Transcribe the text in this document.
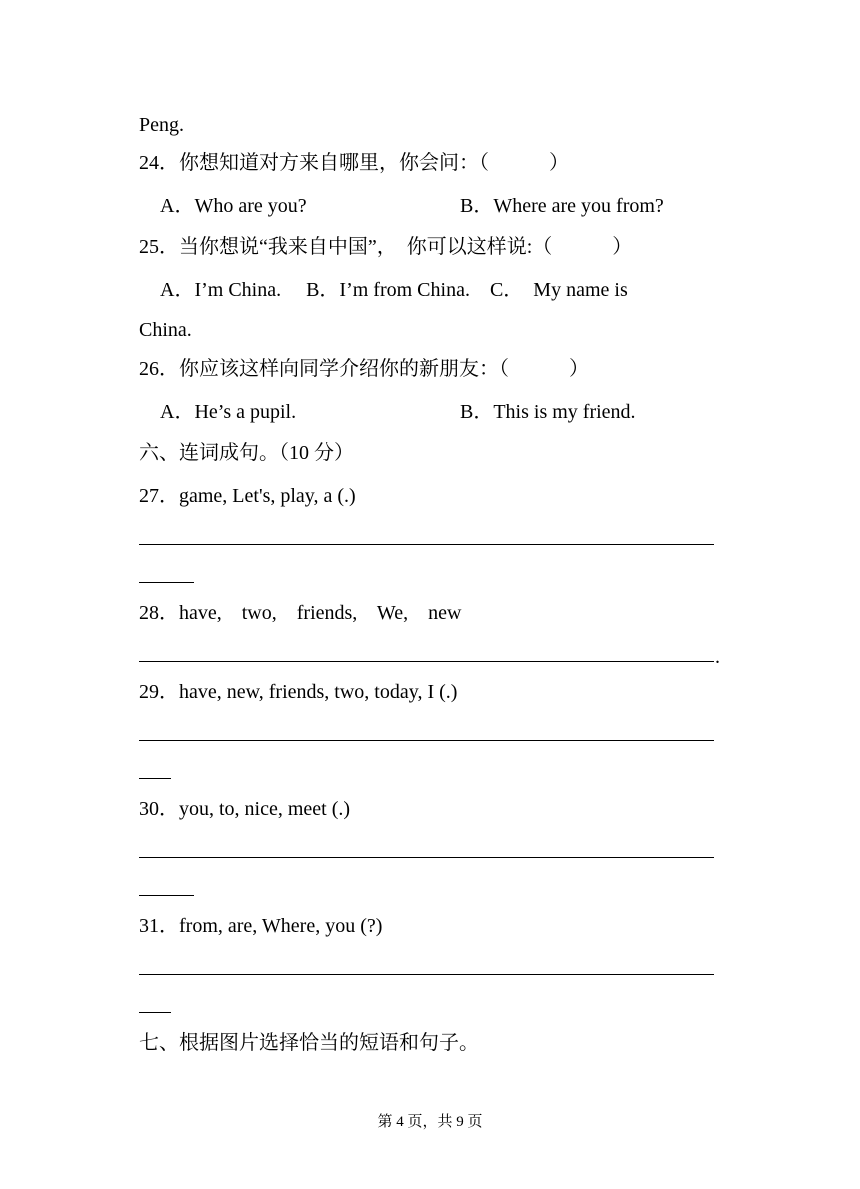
Peng.
24．你想知道对方来自哪里，你会问：（　　　）
A．Who are you?	B．Where are you from?
25．当你想说“我来自中国”，  你可以这样说:（　　　）
A．I’m China.     B．I’m from China.    C．  My name is
China.
26．你应该这样向同学介绍你的新朋友：（　　　）
A．He’s a pupil.	B．This is my friend.
六、连词成句。（10 分）
27．game, Let's, play, a (.)
28．have,    two,    friends,    We,    new
.
29．have, new, friends, two, today, I (.)
30．you, to, nice, meet (.)
31．from, are, Where, you (?)
七、根据图片选择恰当的短语和句子。
第 4 页，共 9 页
